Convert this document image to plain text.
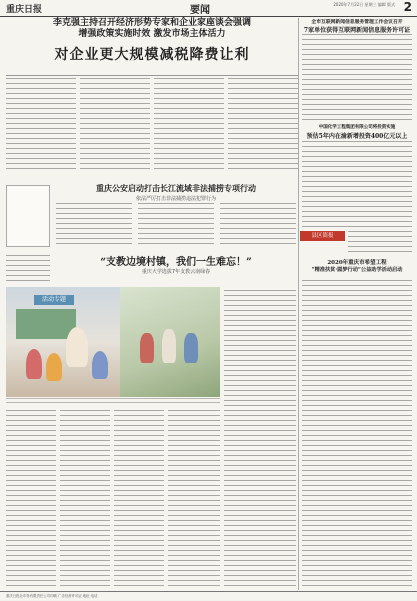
重庆日报	要闻
2020年7月22日 星期三 编辑 版式 2
李克强主持召开经济形势专家和企业家座谈会强调
增强政策实施时效 激发市场主体活力
对企业更大规模减税降费让利
重庆公安启动打击长江流域非法捕捞专项行动
依法严厉打击非法捕捞违法犯罪行为
“支教边境村镇，我们一生难忘！”
重庆大学选拔7年支教云南绿春
活动专题
全市互联网新闻信息服务管理工作会议召开
7家单位获得互联网新闻信息服务许可证
中国化学工程集团有限公司将投资实施
预估5年内在渝新增投资400亿元以上
县区简报
2020年重庆市希望工程
“精准扶贫·圆梦行动”公益助学活动启动
重庆日报社印务有限责任公司印刷 广告经营许可证 地址 电话
